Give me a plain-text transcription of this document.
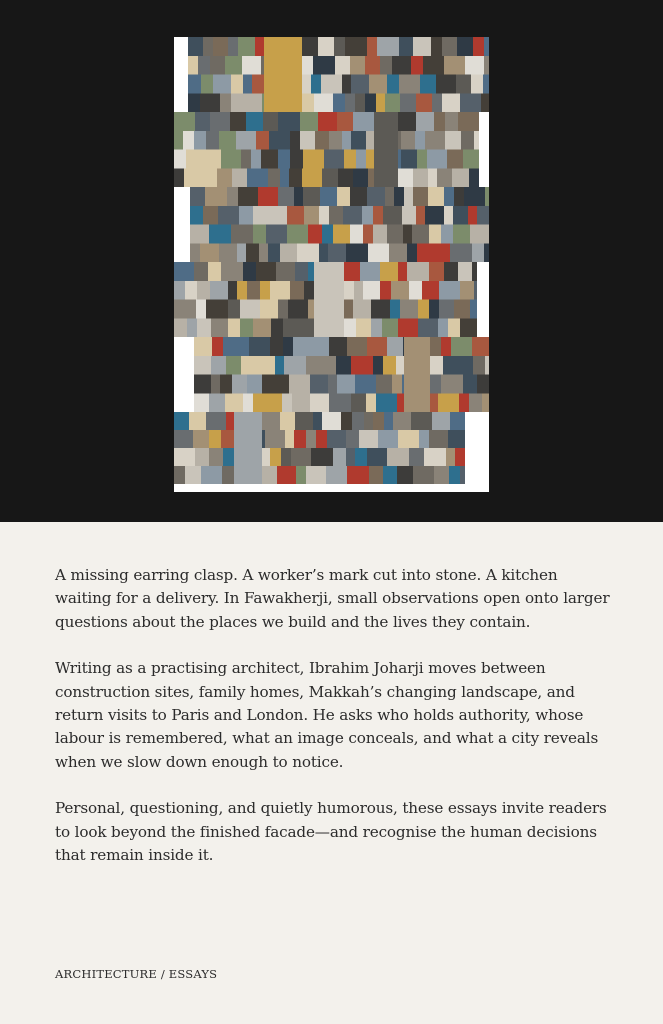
A missing earring clasp. A worker’s mark cut into stone. A kitchen waiting for a delivery. In Fawakherji, small observations open onto larger questions about the places we build and the lives they contain.

Writing as a practising architect, Ibrahim Joharji moves between construction sites, family homes, Makkah’s changing landscape, and return visits to Paris and London. He asks who holds authority, whose labour is remembered, what an image conceals, and what a city reveals when we slow down enough to notice.

Personal, questioning, and quietly humorous, these essays invite readers to look beyond the finished facade—and recognise the human decisions that remain inside it.

ARCHITECTURE / ESSAYS
